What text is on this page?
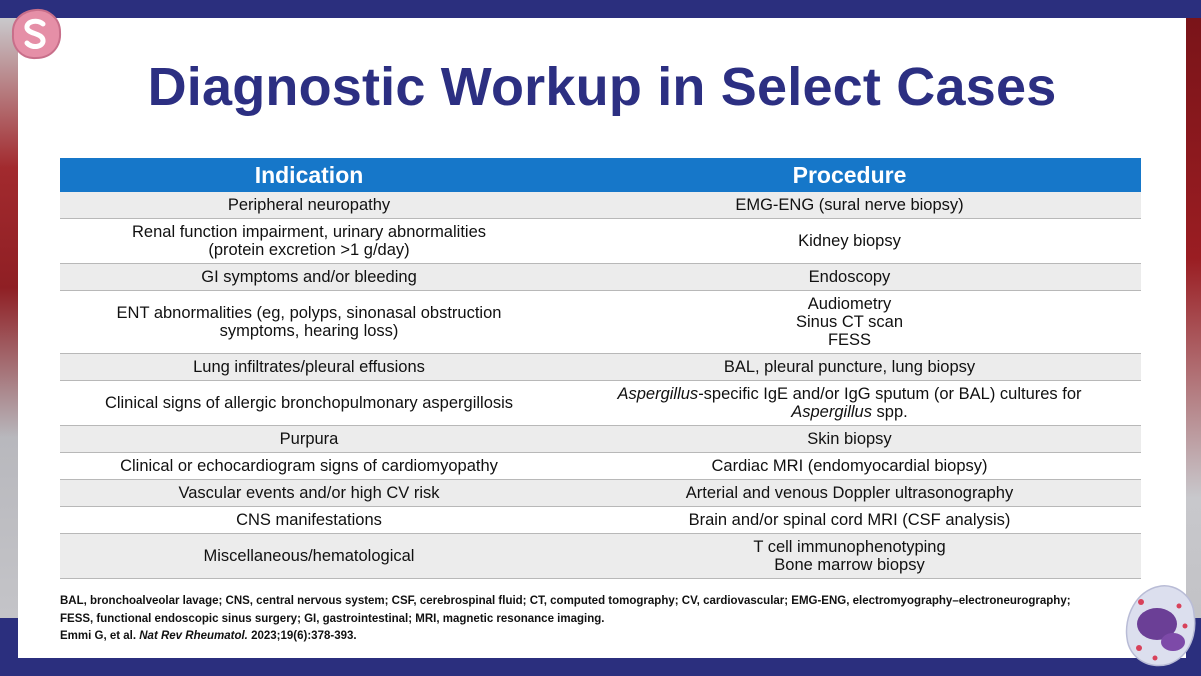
Diagnostic Workup in Select Cases
Indication	Procedure

Peripheral neuropathy	EMG-ENG (sural nerve biopsy)

Renal function impairment, urinary abnormalities
(protein excretion >1 g/day)	Kidney biopsy

GI symptoms and/or bleeding	Endoscopy

ENT abnormalities (eg, polyps, sinonasal obstruction
symptoms, hearing loss)	Audiometry
Sinus CT scan
FESS

Lung infiltrates/pleural effusions	BAL, pleural puncture, lung biopsy

Clinical signs of allergic bronchopulmonary aspergillosis	Aspergillus-specific IgE and/or IgG sputum (or BAL) cultures for
Aspergillus spp.

Purpura	Skin biopsy

Clinical or echocardiogram signs of cardiomyopathy	Cardiac MRI (endomyocardial biopsy)

Vascular events and/or high CV risk	Arterial and venous Doppler ultrasonography

CNS manifestations	Brain and/or spinal cord MRI (CSF analysis)

Miscellaneous/hematological	T cell immunophenotyping
Bone marrow biopsy
BAL, bronchoalveolar lavage; CNS, central nervous system; CSF, cerebrospinal fluid; CT, computed tomography; CV, cardiovascular; EMG-ENG, electromyography–electroneurography;
FESS, functional endoscopic sinus surgery; GI, gastrointestinal; MRI, magnetic resonance imaging.
Emmi G, et al. Nat Rev Rheumatol. 2023;19(6):378-393.
